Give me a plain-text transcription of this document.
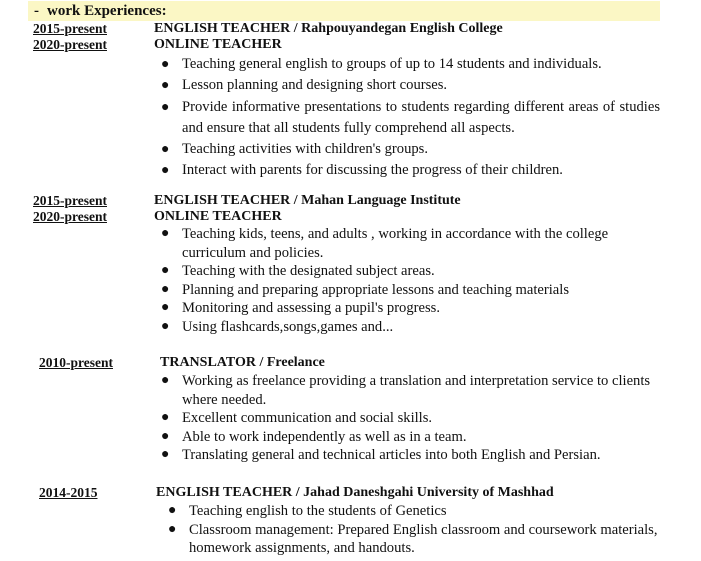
- work Experiences:
2015-present
2020-present
ENGLISH TEACHER / Rahpouyandegan English College
ONLINE TEACHER
● Teaching general english to groups of up to 14 students and individuals.
● Lesson planning and designing short courses.
● Provide informative presentations to students regarding different areas of studies and ensure that all students fully comprehend all aspects.
● Teaching activities with children's groups.
● Interact with parents for discussing the progress of their children.
2015-present
2020-present
ENGLISH TEACHER / Mahan Language Institute
ONLINE TEACHER
● Teaching kids, teens, and adults , working in accordance with the college curriculum and policies.
● Teaching with the designated subject areas.
● Planning and preparing appropriate lessons and teaching materials
● Monitoring and assessing a pupil's progress.
● Using flashcards,songs,games and...
2010-present	TRANSLATOR / Freelance
● Working as freelance providing a translation and interpretation service to clients where needed.
● Excellent communication and social skills.
● Able to work independently as well as in a team.
● Translating general and technical articles into both English and Persian.
2014-2015	ENGLISH TEACHER / Jahad Daneshgahi University of Mashhad
● Teaching english to the students of Genetics
● Classroom management: Prepared English classroom and coursework materials, homework assignments, and handouts.
